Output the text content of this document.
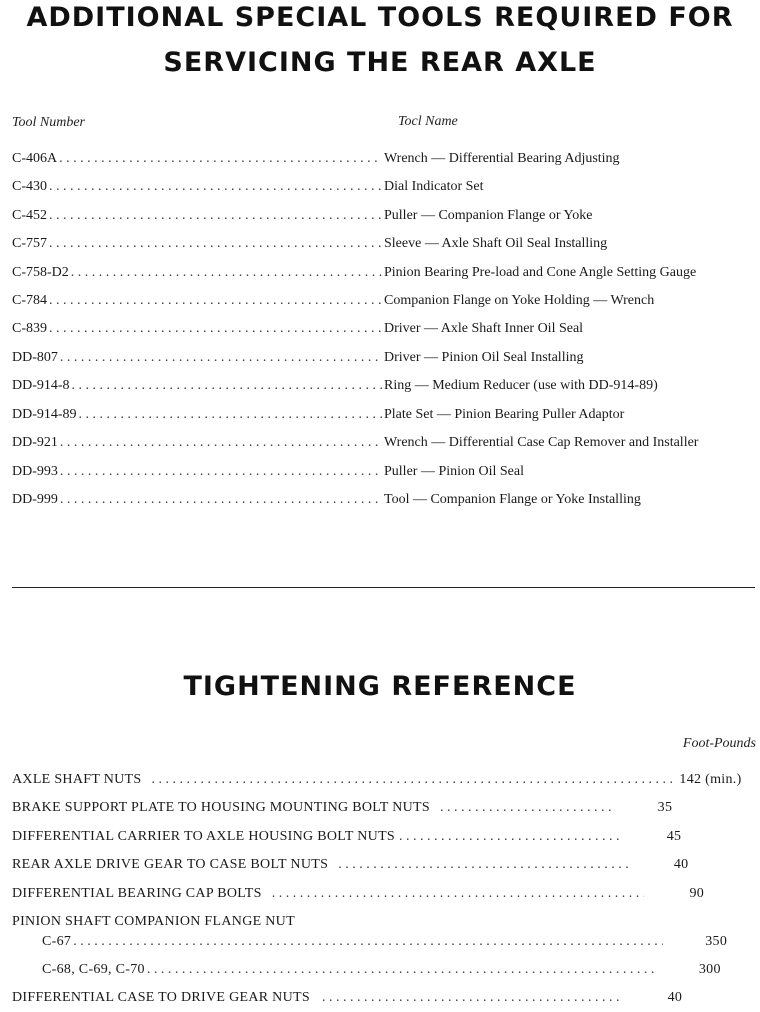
ADDITIONAL SPECIAL TOOLS REQUIRED FOR
SERVICING THE REAR AXLE
Tool Number	Tocl Name
C-406A . . .	Wrench — Differential Bearing Adjusting
C-430 . . .	Dial Indicator Set
C-452 . . .	Puller — Companion Flange or Yoke
C-757 . . .	Sleeve — Axle Shaft Oil Seal Installing
C-758-D2 . . .	Pinion Bearing Pre-load and Cone Angle Setting Gauge
C-784 . . .	Companion Flange on Yoke Holding — Wrench
C-839 . . .	Driver — Axle Shaft Inner Oil Seal
DD-807 . . .	Driver — Pinion Oil Seal Installing
DD-914-8 . . .	Ring — Medium Reducer (use with DD-914-89)
DD-914-89 . . .	Plate Set — Pinion Bearing Puller Adaptor
DD-921 . . .	Wrench — Differential Case Cap Remover and Installer
DD-993 . . .	Puller — Pinion Oil Seal
DD-999 . . .	Tool — Companion Flange or Yoke Installing
TIGHTENING REFERENCE
Foot-Pounds
AXLE SHAFT NUTS . . .	142 (min.)
BRAKE SUPPORT PLATE TO HOUSING MOUNTING BOLT NUTS . . .	35
DIFFERENTIAL CARRIER TO AXLE HOUSING BOLT NUTS . . .	45
REAR AXLE DRIVE GEAR TO CASE BOLT NUTS . . .	40
DIFFERENTIAL BEARING CAP BOLTS . . .	90
PINION SHAFT COMPANION FLANGE NUT
C-67 . . .	350
C-68, C-69, C-70 . . .	300
DIFFERENTIAL CASE TO DRIVE GEAR NUTS . . .	40
